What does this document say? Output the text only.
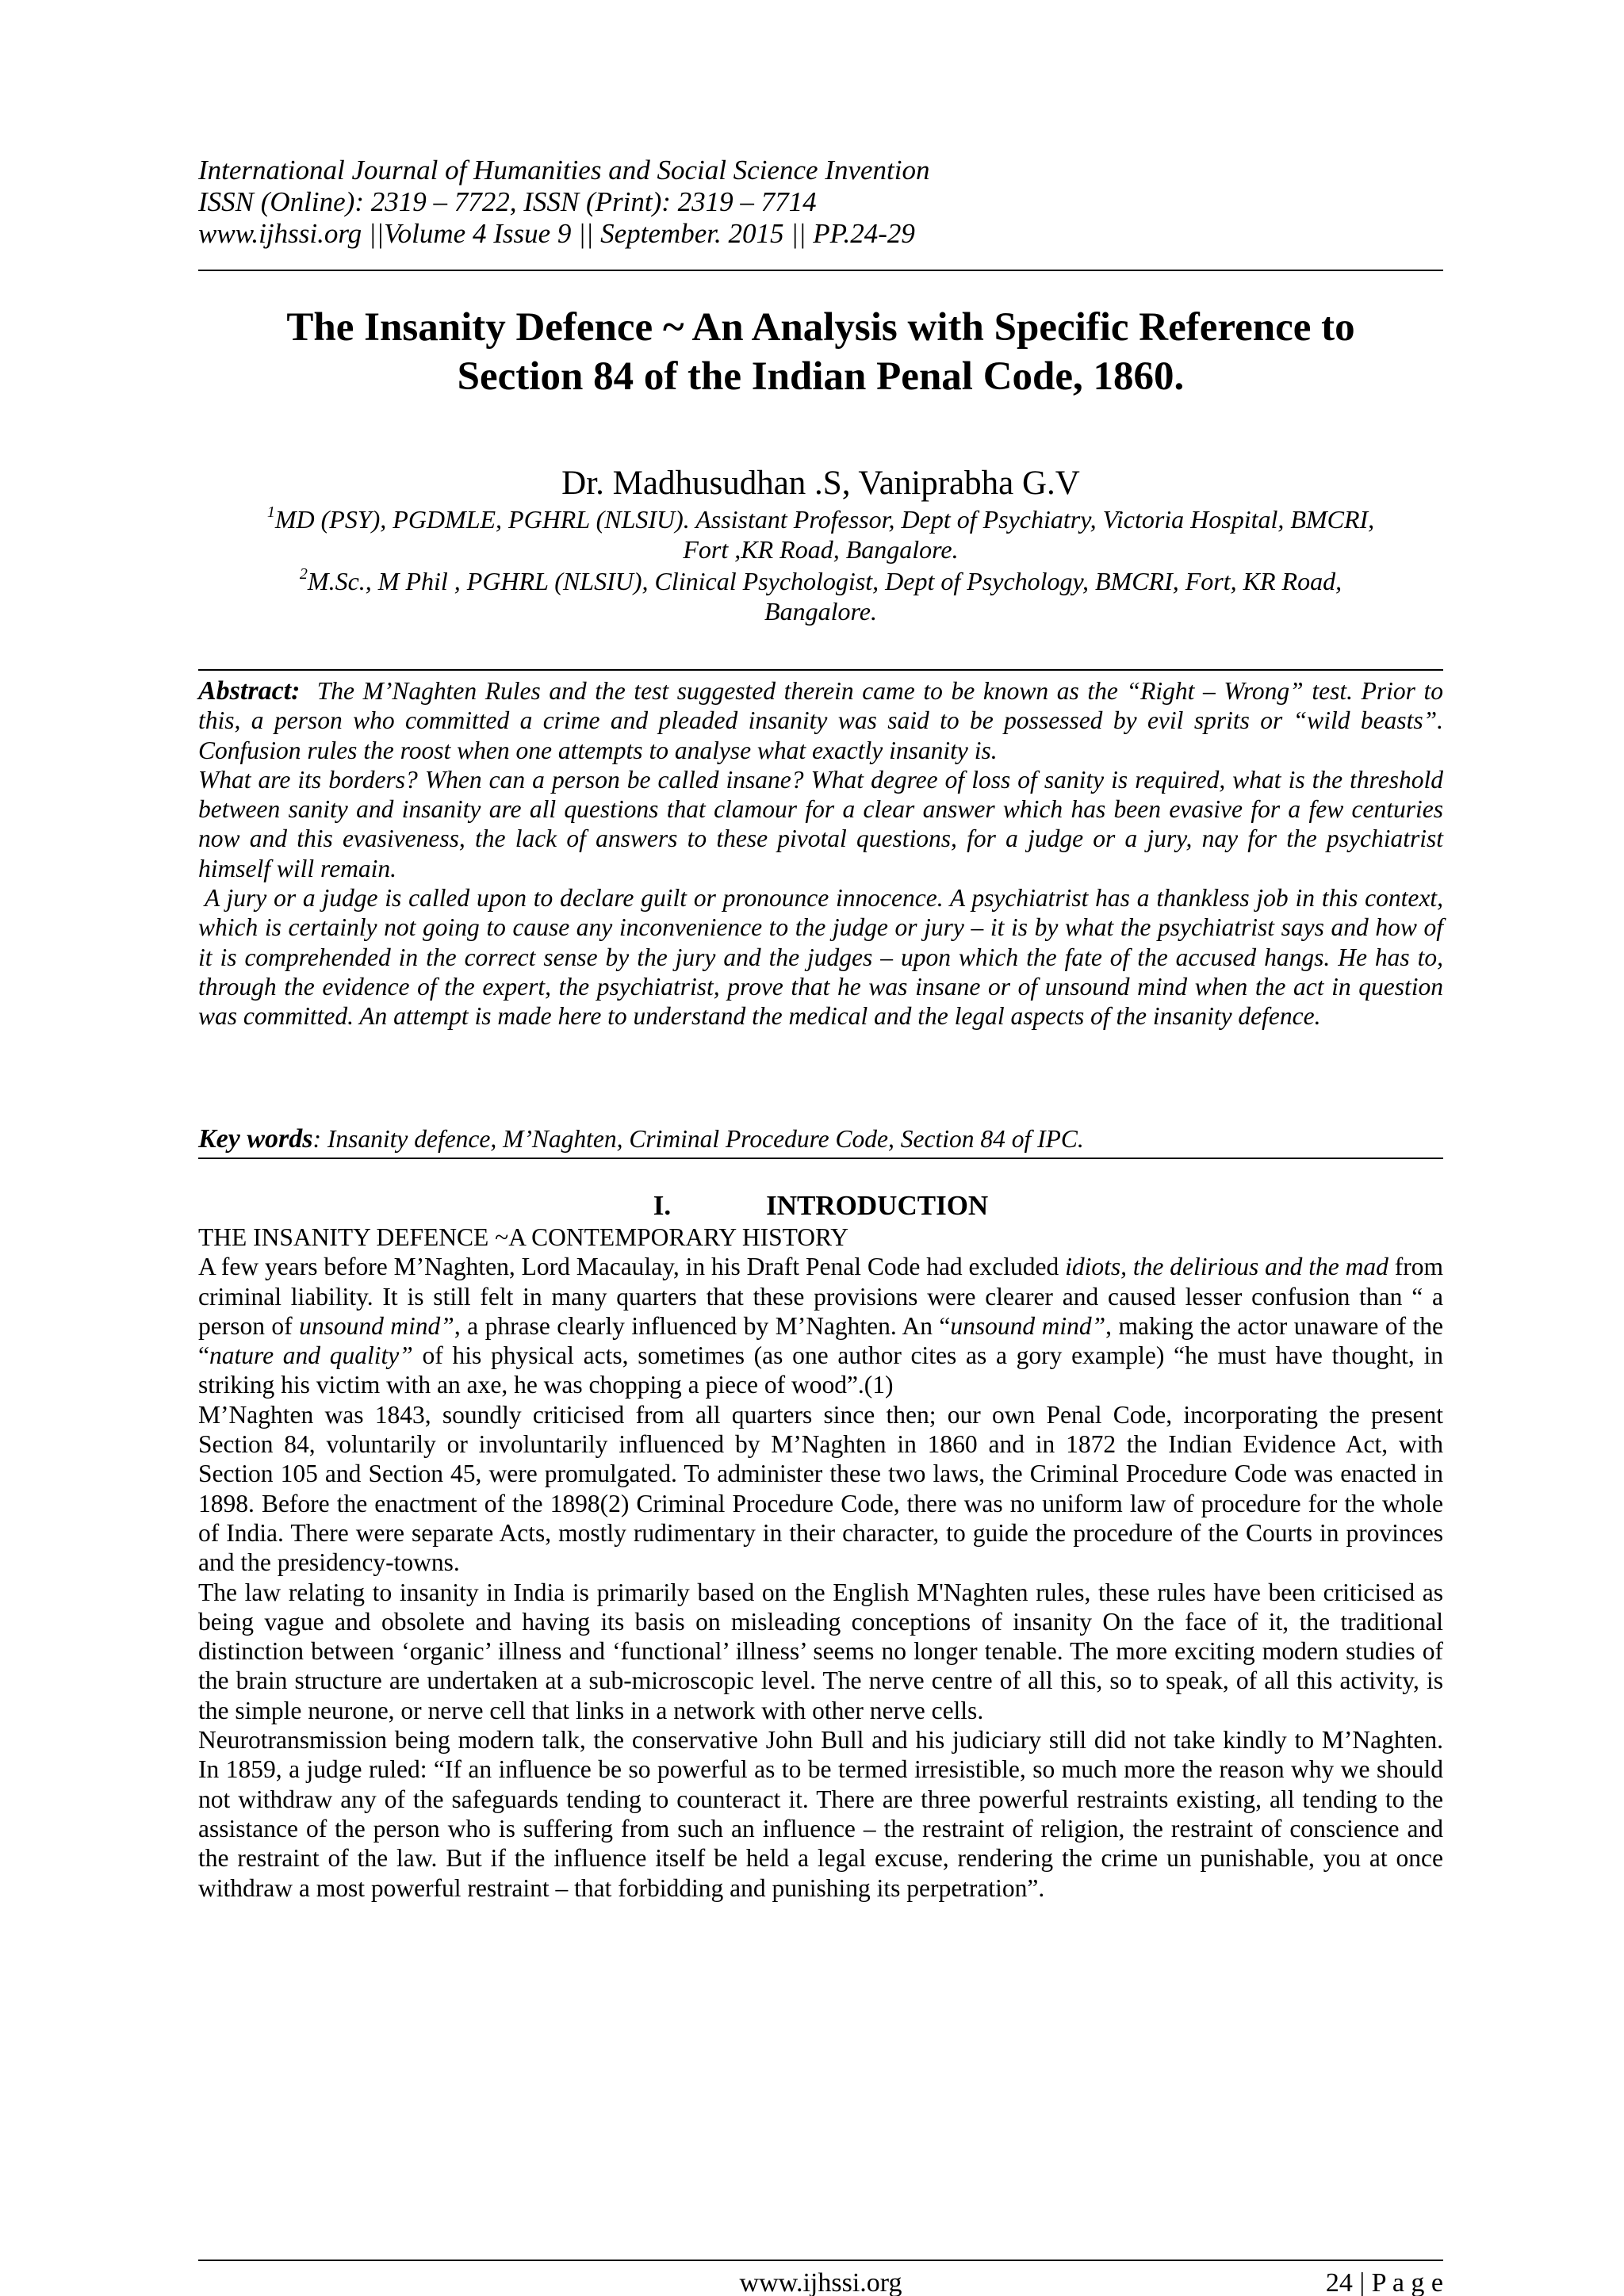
International Journal of Humanities and Social Science Invention
ISSN (Online): 2319 – 7722, ISSN (Print): 2319 – 7714
www.ijhssi.org ||Volume 4 Issue 9 || September. 2015 || PP.24-29
The Insanity Defence ~ An Analysis with Specific Reference to
Section 84 of the Indian Penal Code, 1860.
Dr. Madhusudhan .S, Vaniprabha G.V
$^1$MD (PSY), PGDMLE, PGHRL (NLSIU). Assistant Professor, Dept of Psychiatry, Victoria Hospital, BMCRI,
Fort ,KR Road, Bangalore.
$^2$M.Sc., M Phil , PGHRL (NLSIU), Clinical Psychologist, Dept of Psychology, BMCRI, Fort, KR Road,
Bangalore.

Abstract: The M’Naghten Rules and the test suggested therein came to be known as the “Right – Wrong” test. Prior to this, a person who committed a crime and pleaded insanity was said to be possessed by evil sprits or “wild beasts”. Confusion rules the roost when one attempts to analyse what exactly insanity is.

What are its borders? When can a person be called insane? What degree of loss of sanity is required, what is the threshold between sanity and insanity are all questions that clamour for a clear answer which has been evasive for a few centuries now and this evasiveness, the lack of answers to these pivotal questions, for a judge or a jury, nay for the psychiatrist himself will remain.

A jury or a judge is called upon to declare guilt or pronounce innocence. A psychiatrist has a thankless job in this context, which is certainly not going to cause any inconvenience to the judge or jury – it is by what the psychiatrist says and how of it is comprehended in the correct sense by the jury and the judges – upon which the fate of the accused hangs. He has to, through the evidence of the expert, the psychiatrist, prove that he was insane or of unsound mind when the act in question was committed. An attempt is made here to understand the medical and the legal aspects of the insanity defence.

Key words: Insanity defence, M’Naghten, Criminal Procedure Code, Section 84 of IPC.
I.	INTRODUCTION

THE INSANITY DEFENCE ~A CONTEMPORARY HISTORY

A few years before M’Naghten, Lord Macaulay, in his Draft Penal Code had excluded idiots, the delirious and the mad from criminal liability. It is still felt in many quarters that these provisions were clearer and caused lesser confusion than “ a person of unsound mind”, a phrase clearly influenced by M’Naghten. An “unsound mind”, making the actor unaware of the “nature and quality” of his physical acts, sometimes (as one author cites as a gory example) “he must have thought, in striking his victim with an axe, he was chopping a piece of wood”.(1)

M’Naghten was 1843, soundly criticised from all quarters since then; our own Penal Code, incorporating the present Section 84, voluntarily or involuntarily influenced by M’Naghten in 1860 and in 1872 the Indian Evidence Act, with Section 105 and Section 45, were promulgated. To administer these two laws, the Criminal Procedure Code was enacted in 1898. Before the enactment of the 1898(2) Criminal Procedure Code, there was no uniform law of procedure for the whole of India. There were separate Acts, mostly rudimentary in their character, to guide the procedure of the Courts in provinces and the presidency-towns.

The law relating to insanity in India is primarily based on the English M'Naghten rules, these rules have been criticised as being vague and obsolete and having its basis on misleading conceptions of insanity On the face of it, the traditional distinction between ‘organic’ illness and ‘functional’ illness’ seems no longer tenable. The more exciting modern studies of the brain structure are undertaken at a sub-microscopic level. The nerve centre of all this, so to speak, of all this activity, is the simple neurone, or nerve cell that links in a network with other nerve cells.

Neurotransmission being modern talk, the conservative John Bull and his judiciary still did not take kindly to M’Naghten. In 1859, a judge ruled: “If an influence be so powerful as to be termed irresistible, so much more the reason why we should not withdraw any of the safeguards tending to counteract it. There are three powerful restraints existing, all tending to the assistance of the person who is suffering from such an influence – the restraint of religion, the restraint of conscience and the restraint of the law. But if the influence itself be held a legal excuse, rendering the crime un punishable, you at once withdraw a most powerful restraint – that forbidding and punishing its perpetration”.

www.ijhssi.org	24 | P a g e
